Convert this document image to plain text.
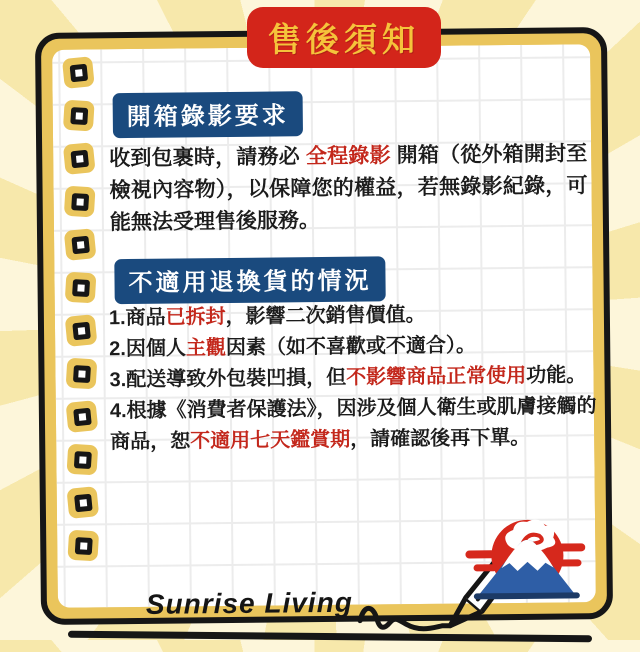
售後須知
開箱錄影要求
收到包裹時，請務必 全程錄影 開箱（從外箱開封至檢視內容物），以保障您的權益，若無錄影紀錄，可能無法受理售後服務。
不適用退換貨的情況
1.商品已拆封，影響二次銷售價值。
2.因個人主觀因素（如不喜歡或不適合）。
3.配送導致外包裝凹損，但不影響商品正常使用功能。
4.根據《消費者保護法》，因涉及個人衛生或肌膚接觸的商品，恕不適用七天鑑賞期，請確認後再下單。
Sunrise Living
